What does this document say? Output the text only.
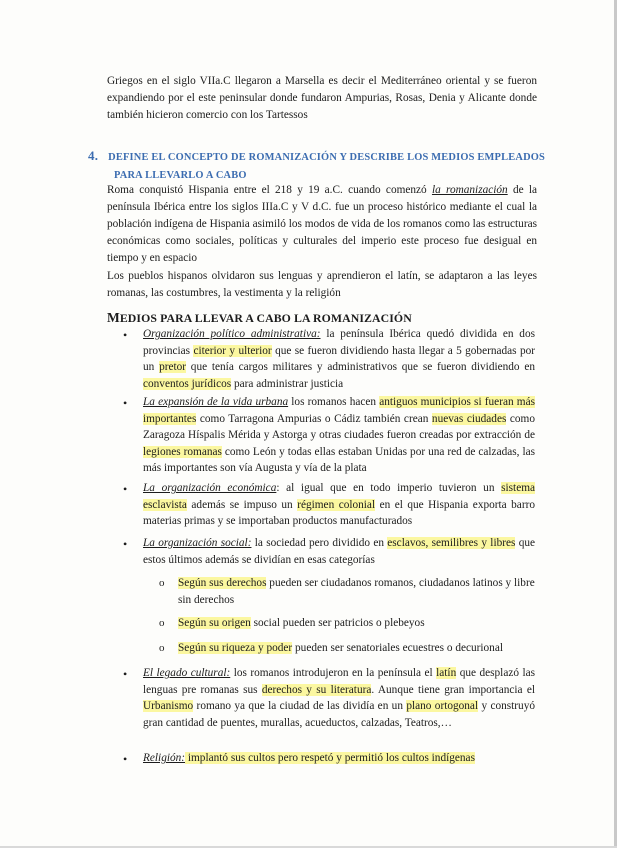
Griegos en el siglo VIIa.C llegaron a Marsella es decir el Mediterráneo oriental y se fueron expandiendo por el este peninsular donde fundaron Ampurias, Rosas, Denia y Alicante donde también hicieron comercio con los Tartessos

4. DEFINE EL CONCEPTO DE ROMANIZACIÓN Y DESCRIBE LOS MEDIOS EMPLEADOS
PARA LLEVARLO A CABO

Roma conquistó Hispania entre el 218 y 19 a.C. cuando comenzó la romanización de la península Ibérica entre los siglos IIIa.C y V d.C. fue un proceso histórico mediante el cual la población indígena de Hispania asimiló los modos de vida de los romanos como las estructuras económicas como sociales, políticas y culturales del imperio este proceso fue desigual en tiempo y en espacio

Los pueblos hispanos olvidaron sus lenguas y aprendieron el latín, se adaptaron a las leyes romanas, las costumbres, la vestimenta y la religión

MEDIOS PARA LLEVAR A CABO LA ROMANIZACIÓN
• Organización político administrativa: la península Ibérica quedó dividida en dos provincias citerior y ulterior que se fueron dividiendo hasta llegar a 5 gobernadas por un pretor que tenía cargos militares y administrativos que se fueron dividiendo en conventos jurídicos para administrar justicia

• La expansión de la vida urbana los romanos hacen antiguos municipios si fueran más importantes como Tarragona Ampurias o Cádiz también crean nuevas ciudades como Zaragoza Híspalis Mérida y Astorga y otras ciudades fueron creadas por extracción de legiones romanas como León y todas ellas estaban Unidas por una red de calzadas, las más importantes son vía Augusta y vía de la plata

• La organización económica: al igual que en todo imperio tuvieron un sistema esclavista además se impuso un régimen colonial en el que Hispania exporta barro materias primas y se importaban productos manufacturados

• La organización social: la sociedad pero dividido en esclavos, semilibres y libres que estos últimos además se dividían en esas categorías

o Según sus derechos pueden ser ciudadanos romanos, ciudadanos latinos y libre sin derechos

o Según su origen social pueden ser patricios o plebeyos

o Según su riqueza y poder pueden ser senatoriales ecuestres o decurional

• El legado cultural: los romanos introdujeron en la península el latín que desplazó las lenguas pre romanas sus derechos y su literatura. Aunque tiene gran importancia el Urbanismo romano ya que la ciudad de las dividía en un plano ortogonal y construyó gran cantidad de puentes, murallas, acueductos, calzadas, Teatros,…

• Religión: implantó sus cultos pero respetó y permitió los cultos indígenas
